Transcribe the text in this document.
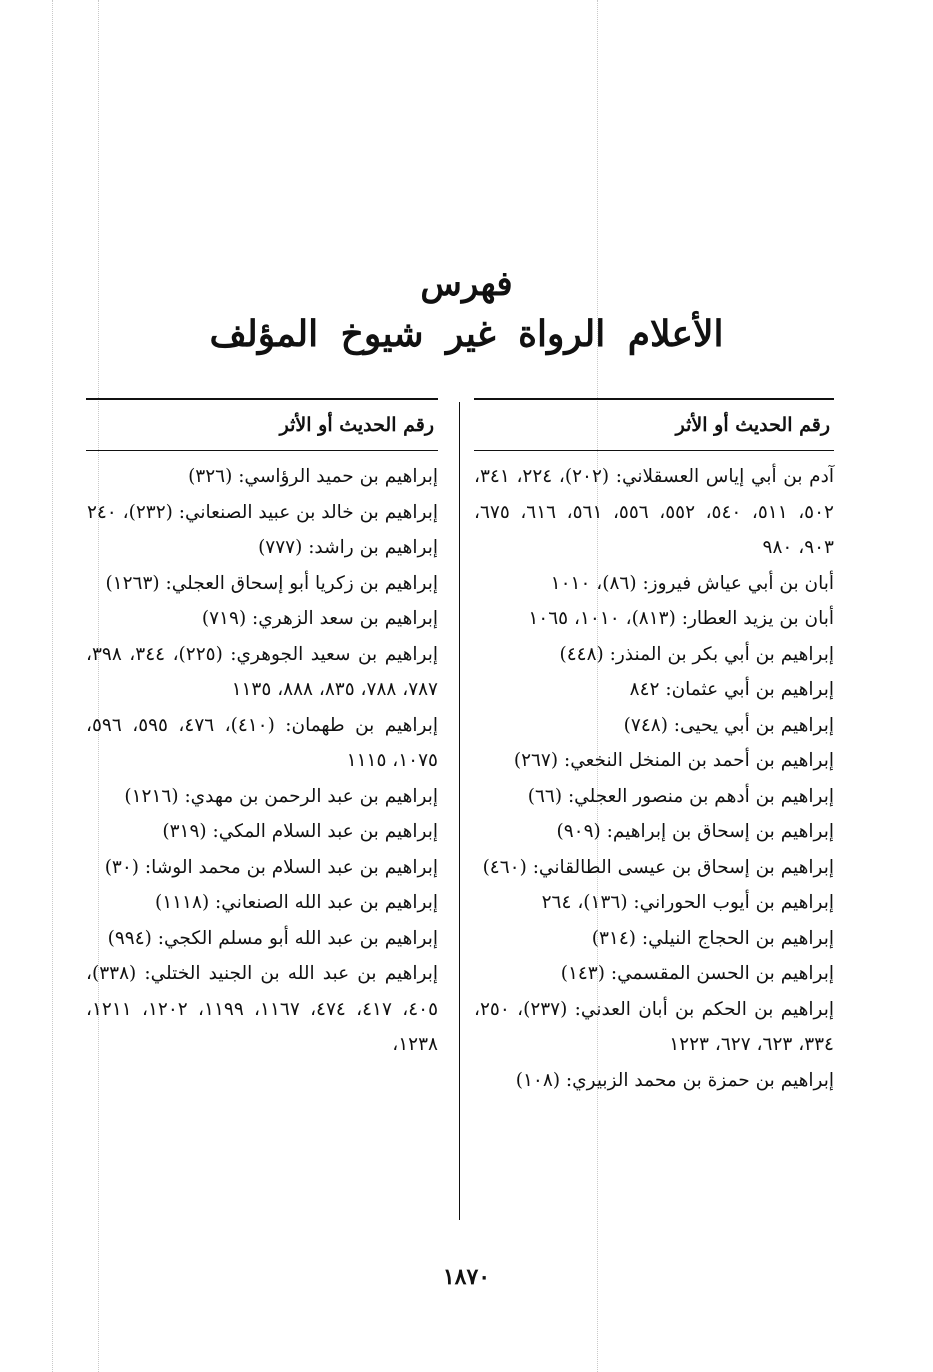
فهرس
الأعلام الرواة غير شيوخ المؤلف
رقم الحديث أو الأثر

آدم بن أبي إياس العسقلاني: (٢٠٢)، ٢٢٤، ٣٤١، ٥٠٢، ٥١١، ٥٤٠، ٥٥٢، ٥٥٦، ٥٦١، ٦١٦، ٦٧٥، ٩٠٣، ٩٨٠

أبان بن أبي عياش فيروز: (٨٦)، ١٠١٠

أبان بن يزيد العطار: (٨١٣)، ١٠١٠، ١٠٦٥

إبراهيم بن أبي بكر بن المنذر: (٤٤٨)

إبراهيم بن أبي عثمان: ٨٤٢

إبراهيم بن أبي يحيى: (٧٤٨)

إبراهيم بن أحمد بن المنخل النخعي: (٢٦٧)

إبراهيم بن أدهم بن منصور العجلي: (٦٦)

إبراهيم بن إسحاق بن إبراهيم: (٩٠٩)

إبراهيم بن إسحاق بن عيسى الطالقاني: (٤٦٠)

إبراهيم بن أيوب الحوراني: (١٣٦)، ٢٦٤

إبراهيم بن الحجاج النيلي: (٣١٤)

إبراهيم بن الحسن المقسمي: (١٤٣)

إبراهيم بن الحكم بن أبان العدني: (٢٣٧)، ٢٥٠، ٣٣٤، ٦٢٣، ٦٢٧، ١٢٢٣

إبراهيم بن حمزة بن محمد الزبيري: (١٠٨)

رقم الحديث أو الأثر

إبراهيم بن حميد الرؤاسي: (٣٢٦)

إبراهيم بن خالد بن عبيد الصنعاني: (٢٣٢)، ٢٤٠

إبراهيم بن راشد: (٧٧٧)

إبراهيم بن زكريا أبو إسحاق العجلي: (١٢٦٣)

إبراهيم بن سعد الزهري: (٧١٩)

إبراهيم بن سعيد الجوهري: (٢٢٥)، ٣٤٤، ٣٩٨، ٧٨٧، ٧٨٨، ٨٣٥، ٨٨٨، ١١٣٥

إبراهيم بن طهمان: (٤١٠)، ٤٧٦، ٥٩٥، ٥٩٦، ١٠٧٥، ١١١٥

إبراهيم بن عبد الرحمن بن مهدي: (١٢١٦)

إبراهيم بن عبد السلام المكي: (٣١٩)

إبراهيم بن عبد السلام بن محمد الوشا: (٣٠)

إبراهيم بن عبد الله الصنعاني: (١١١٨)

إبراهيم بن عبد الله أبو مسلم الكجي: (٩٩٤)

إبراهيم بن عبد الله بن الجنيد الختلي: (٣٣٨)، ٤٠٥، ٤١٧، ٤٧٤، ١١٦٧، ١١٩٩، ١٢٠٢، ١٢١١، ١٢٣٨،

١٨٧٠
